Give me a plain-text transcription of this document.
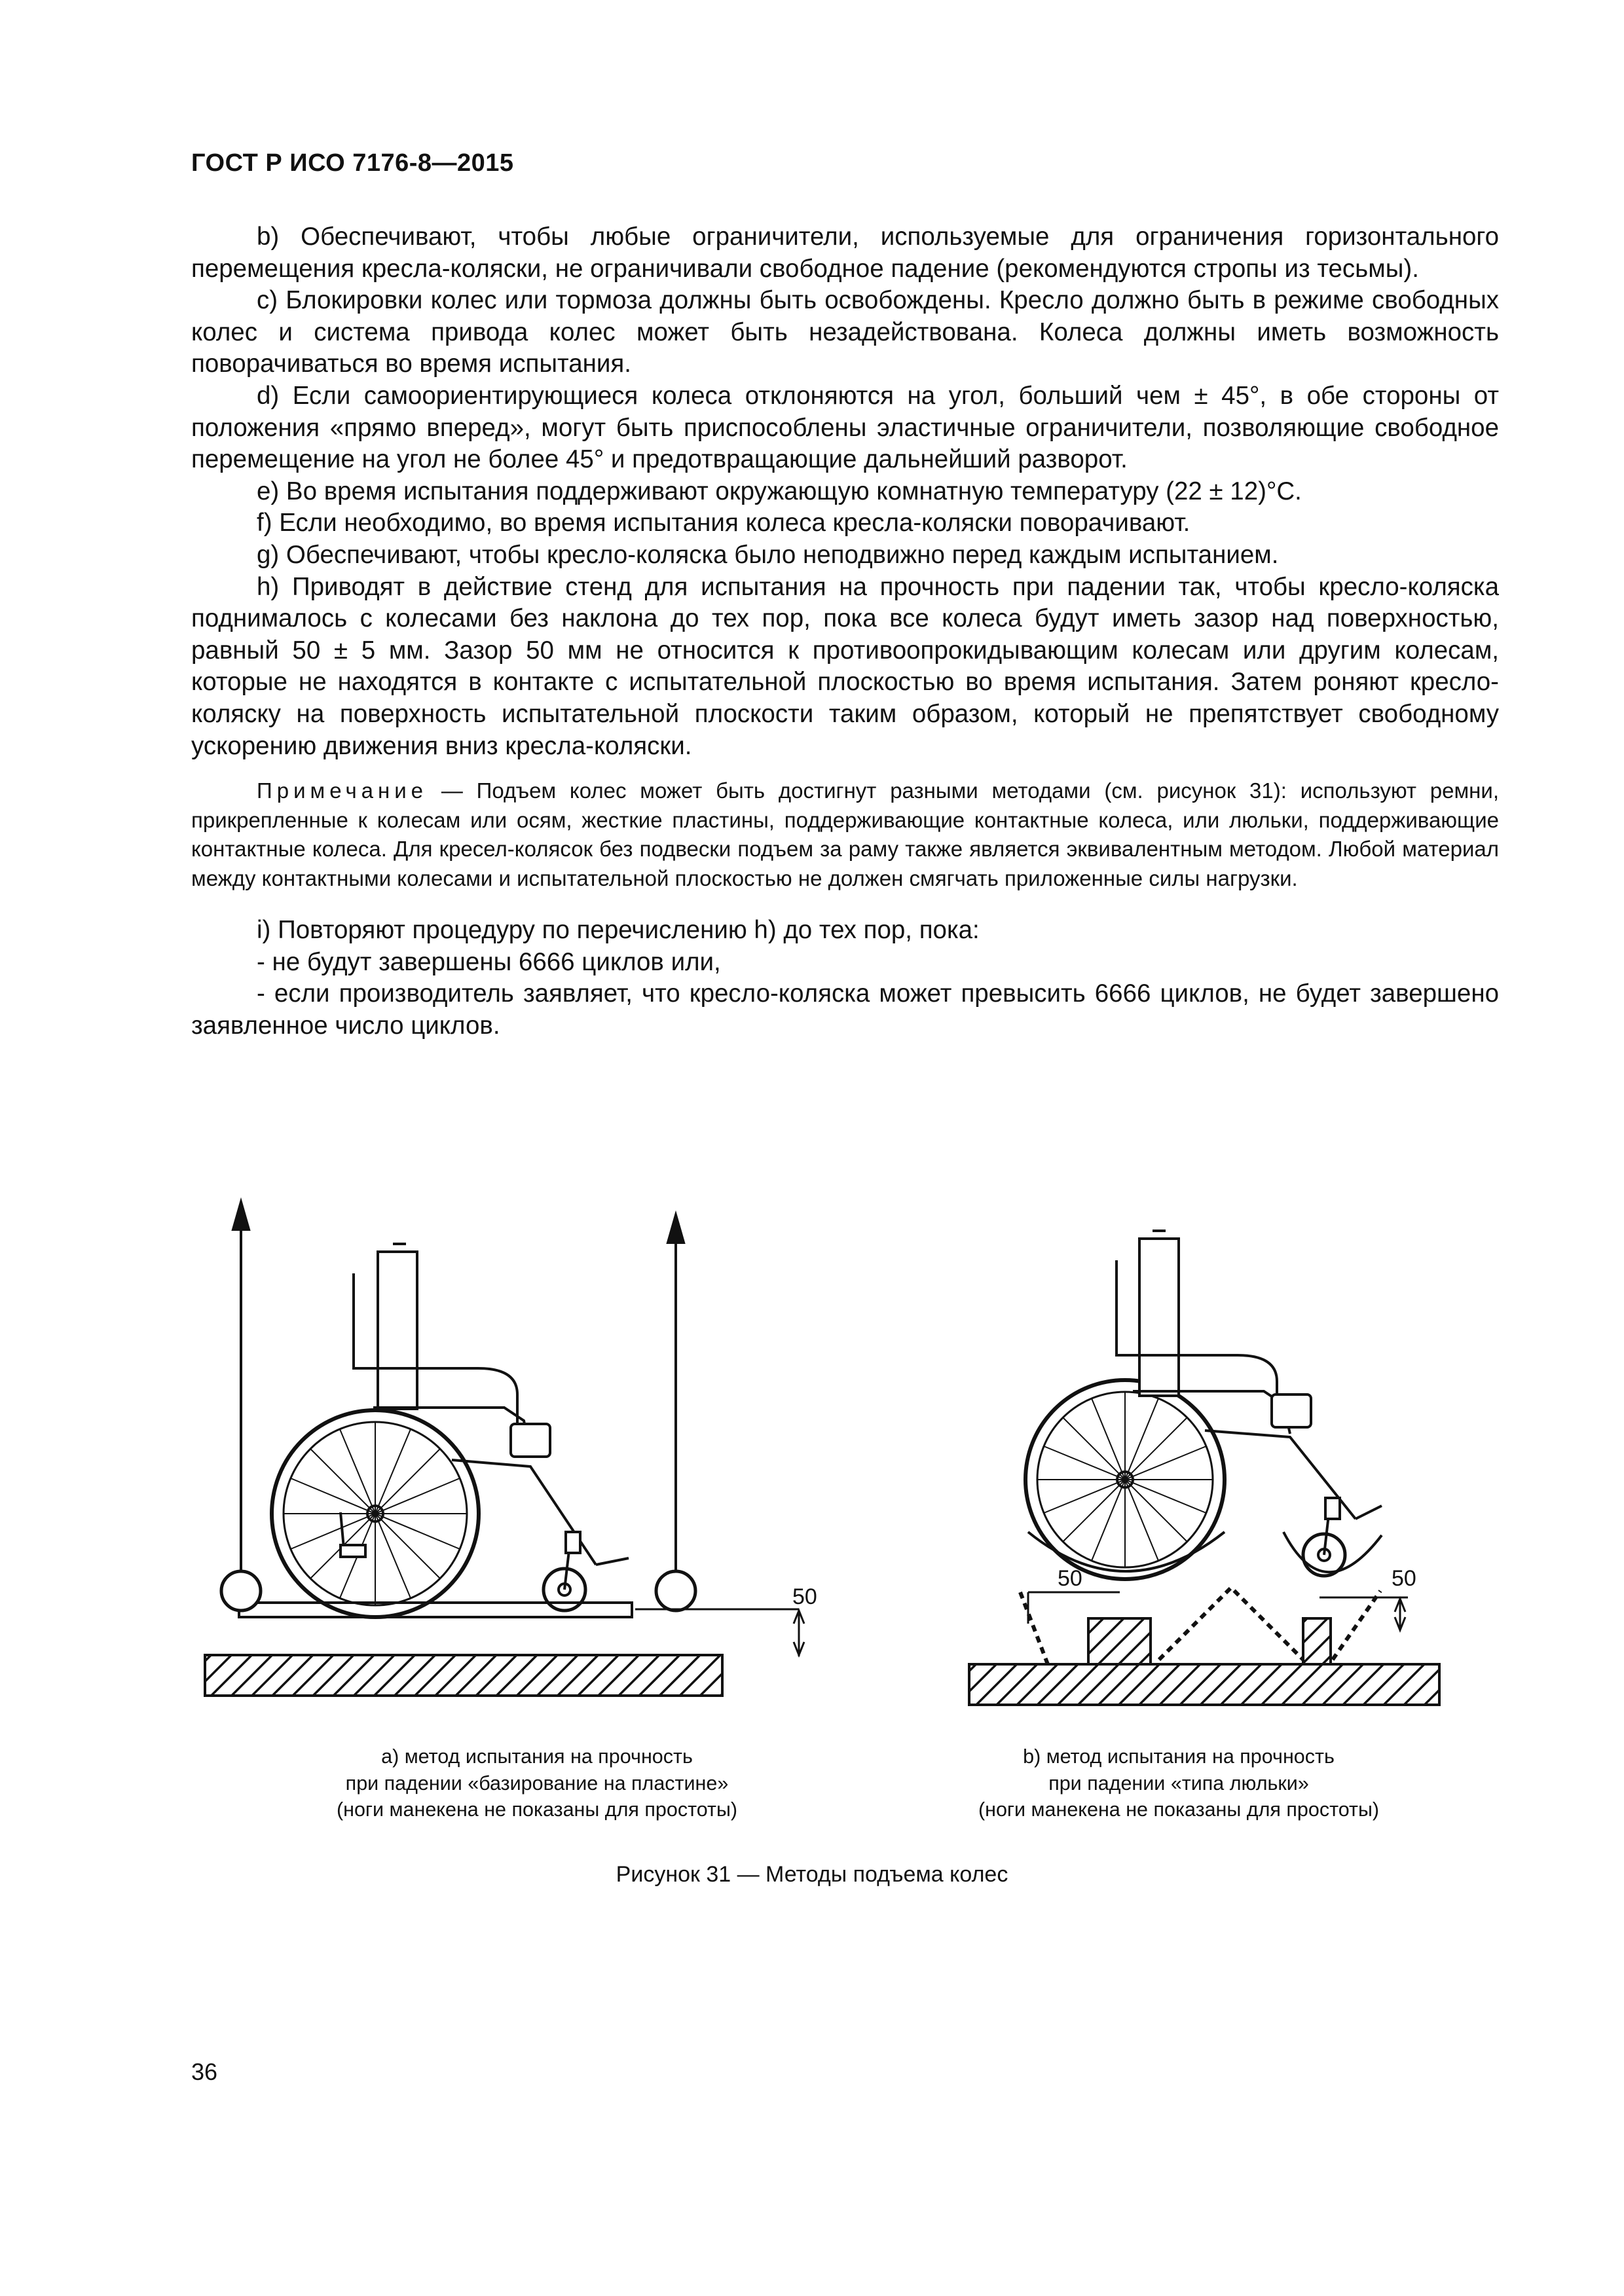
ГОСТ Р ИСО 7176-8—2015

b) Обеспечивают, чтобы любые ограничители, используемые для ограничения горизонтального перемещения кресла-коляски, не ограничивали свободное падение (рекомендуются стропы из тесьмы).

c) Блокировки колес или тормоза должны быть освобождены. Кресло должно быть в режиме свободных колес и система привода колес может быть незадействована. Колеса должны иметь возможность поворачиваться во время испытания.

d) Если самоориентирующиеся колеса отклоняются на угол, больший чем ± 45°, в обе стороны от положения «прямо вперед», могут быть приспособлены эластичные ограничители, позволяющие свободное перемещение на угол не более 45° и предотвращающие дальнейший разворот.

e) Во время испытания поддерживают окружающую комнатную температуру (22 ± 12)°С.

f) Если необходимо, во время испытания колеса кресла-коляски поворачивают.

g) Обеспечивают, чтобы кресло-коляска было неподвижно перед каждым испытанием.

h) Приводят в действие стенд для испытания на прочность при падении так, чтобы кресло-коляска поднималось с колесами без наклона до тех пор, пока все колеса будут иметь зазор над поверхностью, равный 50 ± 5 мм. Зазор 50 мм не относится к противоопрокидывающим колесам или другим колесам, которые не находятся в контакте с испытательной плоскостью во время испытания. Затем роняют кресло-коляску на поверхность испытательной плоскости таким образом, который не препятствует свободному ускорению движения вниз кресла-коляски.

Примечание — Подъем колес может быть достигнут разными методами (см. рисунок 31): используют ремни, прикрепленные к колесам или осям, жесткие пластины, поддерживающие контактные колеса, или люльки, поддерживающие контактные колеса. Для кресел-колясок без подвески подъем за раму также является эквивалентным методом. Любой материал между контактными колесами и испытательной плоскостью не должен смягчать приложенные силы нагрузки.

i) Повторяют процедуру по перечислению h) до тех пор, пока:

- не будут завершены 6666 циклов или,

- если производитель заявляет, что кресло-коляска может превысить 6666 циклов, не будет завершено заявленное число циклов.

50
50	50
а) метод испытания на прочность
при падении «базирование на пластине»
(ноги манекена не показаны для простоты)
b) метод испытания на прочность
при падении «типа люльки»
(ноги манекена не показаны для простоты)
Рисунок 31 — Методы подъема колес
36
